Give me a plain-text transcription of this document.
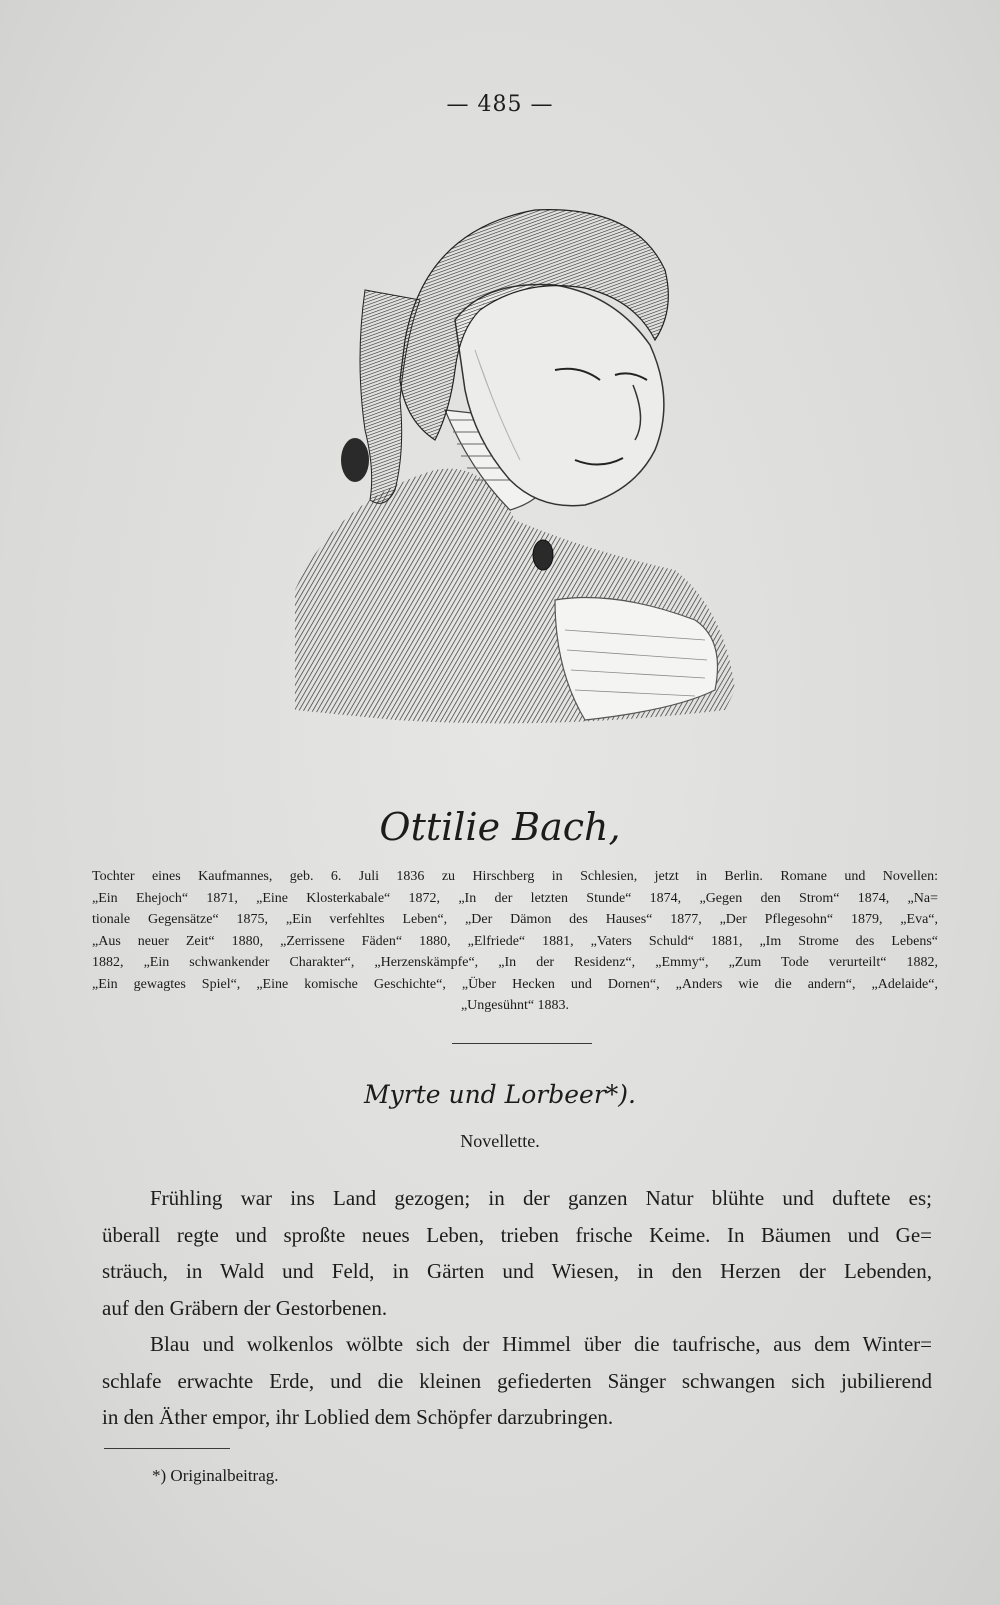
— 485 —
Ottilie Bach,
Tochter eines Kaufmannes, geb. 6. Juli 1836 zu Hirschberg in Schlesien, jetzt in Berlin. Romane und Novellen:
„Ein Ehejoch“ 1871, „Eine Klosterkabale“ 1872, „In der letzten Stunde“ 1874, „Gegen den Strom“ 1874, „Na=
tionale Gegensätze“ 1875, „Ein verfehltes Leben“, „Der Dämon des Hauses“ 1877, „Der Pflegesohn“ 1879, „Eva“,
„Aus neuer Zeit“ 1880, „Zerrissene Fäden“ 1880, „Elfriede“ 1881, „Vaters Schuld“ 1881, „Im Strome des Lebens“
1882, „Ein schwankender Charakter“, „Herzenskämpfe“, „In der Residenz“, „Emmy“, „Zum Tode verurteilt“ 1882,
„Ein gewagtes Spiel“, „Eine komische Geschichte“, „Über Hecken und Dornen“, „Anders wie die andern“, „Adelaide“,
„Ungesühnt“ 1883.
Myrte und Lorbeer*).
Novellette.
Frühling war ins Land gezogen; in der ganzen Natur blühte und duftete es;
überall regte und sproßte neues Leben, trieben frische Keime. In Bäumen und Ge=
sträuch, in Wald und Feld, in Gärten und Wiesen, in den Herzen der Lebenden,
auf den Gräbern der Gestorbenen.
Blau und wolkenlos wölbte sich der Himmel über die taufrische, aus dem Winter=
schlafe erwachte Erde, und die kleinen gefiederten Sänger schwangen sich jubilierend
in den Äther empor, ihr Loblied dem Schöpfer darzubringen.
*) Originalbeitrag.
